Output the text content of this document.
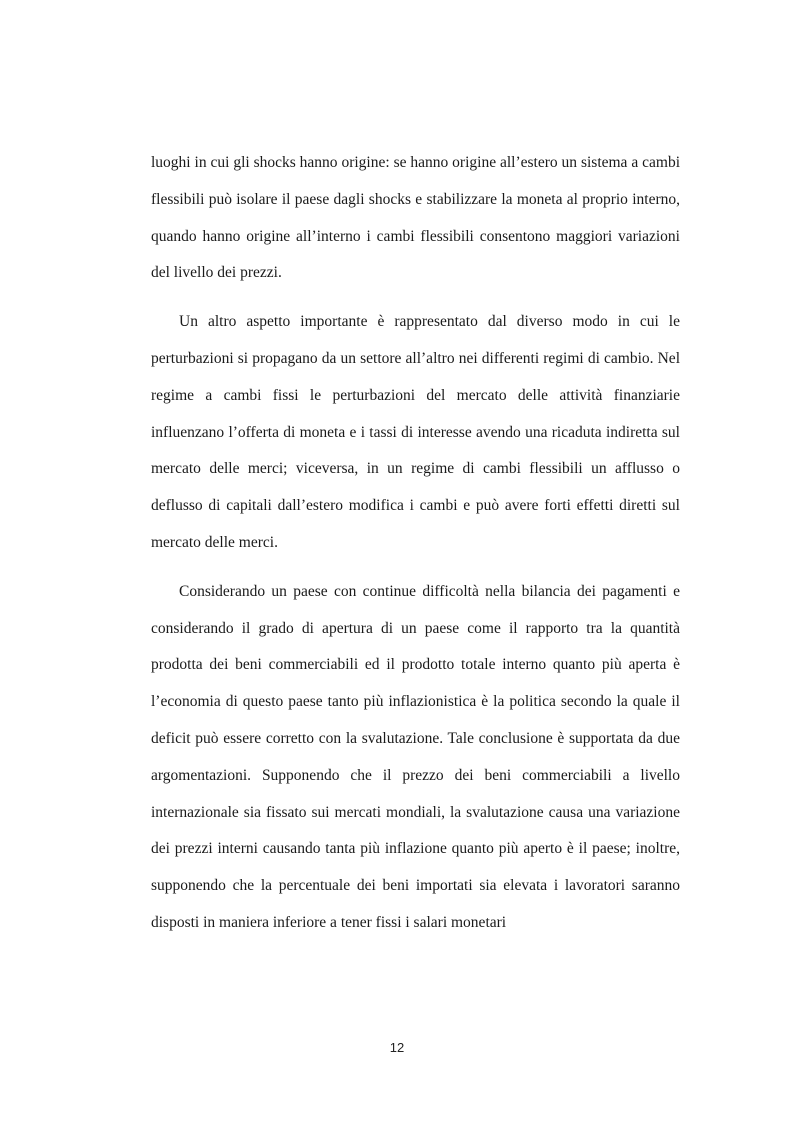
luoghi in cui gli shocks hanno origine: se hanno origine all’estero un sistema a cambi flessibili può isolare il paese dagli shocks e stabilizzare la moneta al proprio interno, quando hanno origine all’interno i cambi flessibili consentono maggiori variazioni del livello dei prezzi.

Un altro aspetto importante è rappresentato dal diverso modo in cui le perturbazioni si propagano da un settore all’altro nei differenti regimi di cambio. Nel regime a cambi fissi le perturbazioni del mercato delle attività finanziarie influenzano l’offerta di moneta e i tassi di interesse avendo una ricaduta indiretta sul mercato delle merci; viceversa, in un regime di cambi flessibili un afflusso o deflusso di capitali dall’estero modifica i cambi e può avere forti effetti diretti sul mercato delle merci.

Considerando un paese con continue difficoltà nella bilancia dei pagamenti e considerando il grado di apertura di un paese come il rapporto tra la quantità prodotta dei beni commerciabili ed il prodotto totale interno quanto più aperta è l’economia di questo paese tanto più inflazionistica è la politica secondo la quale il deficit può essere corretto con la svalutazione. Tale conclusione è supportata da due argomentazioni. Supponendo che il prezzo dei beni commerciabili a livello internazionale sia fissato sui mercati mondiali, la svalutazione causa una variazione dei prezzi interni causando tanta più inflazione quanto più aperto è il paese; inoltre, supponendo che la percentuale dei beni importati sia elevata i lavoratori saranno disposti in maniera inferiore a tener fissi i salari monetari

12
